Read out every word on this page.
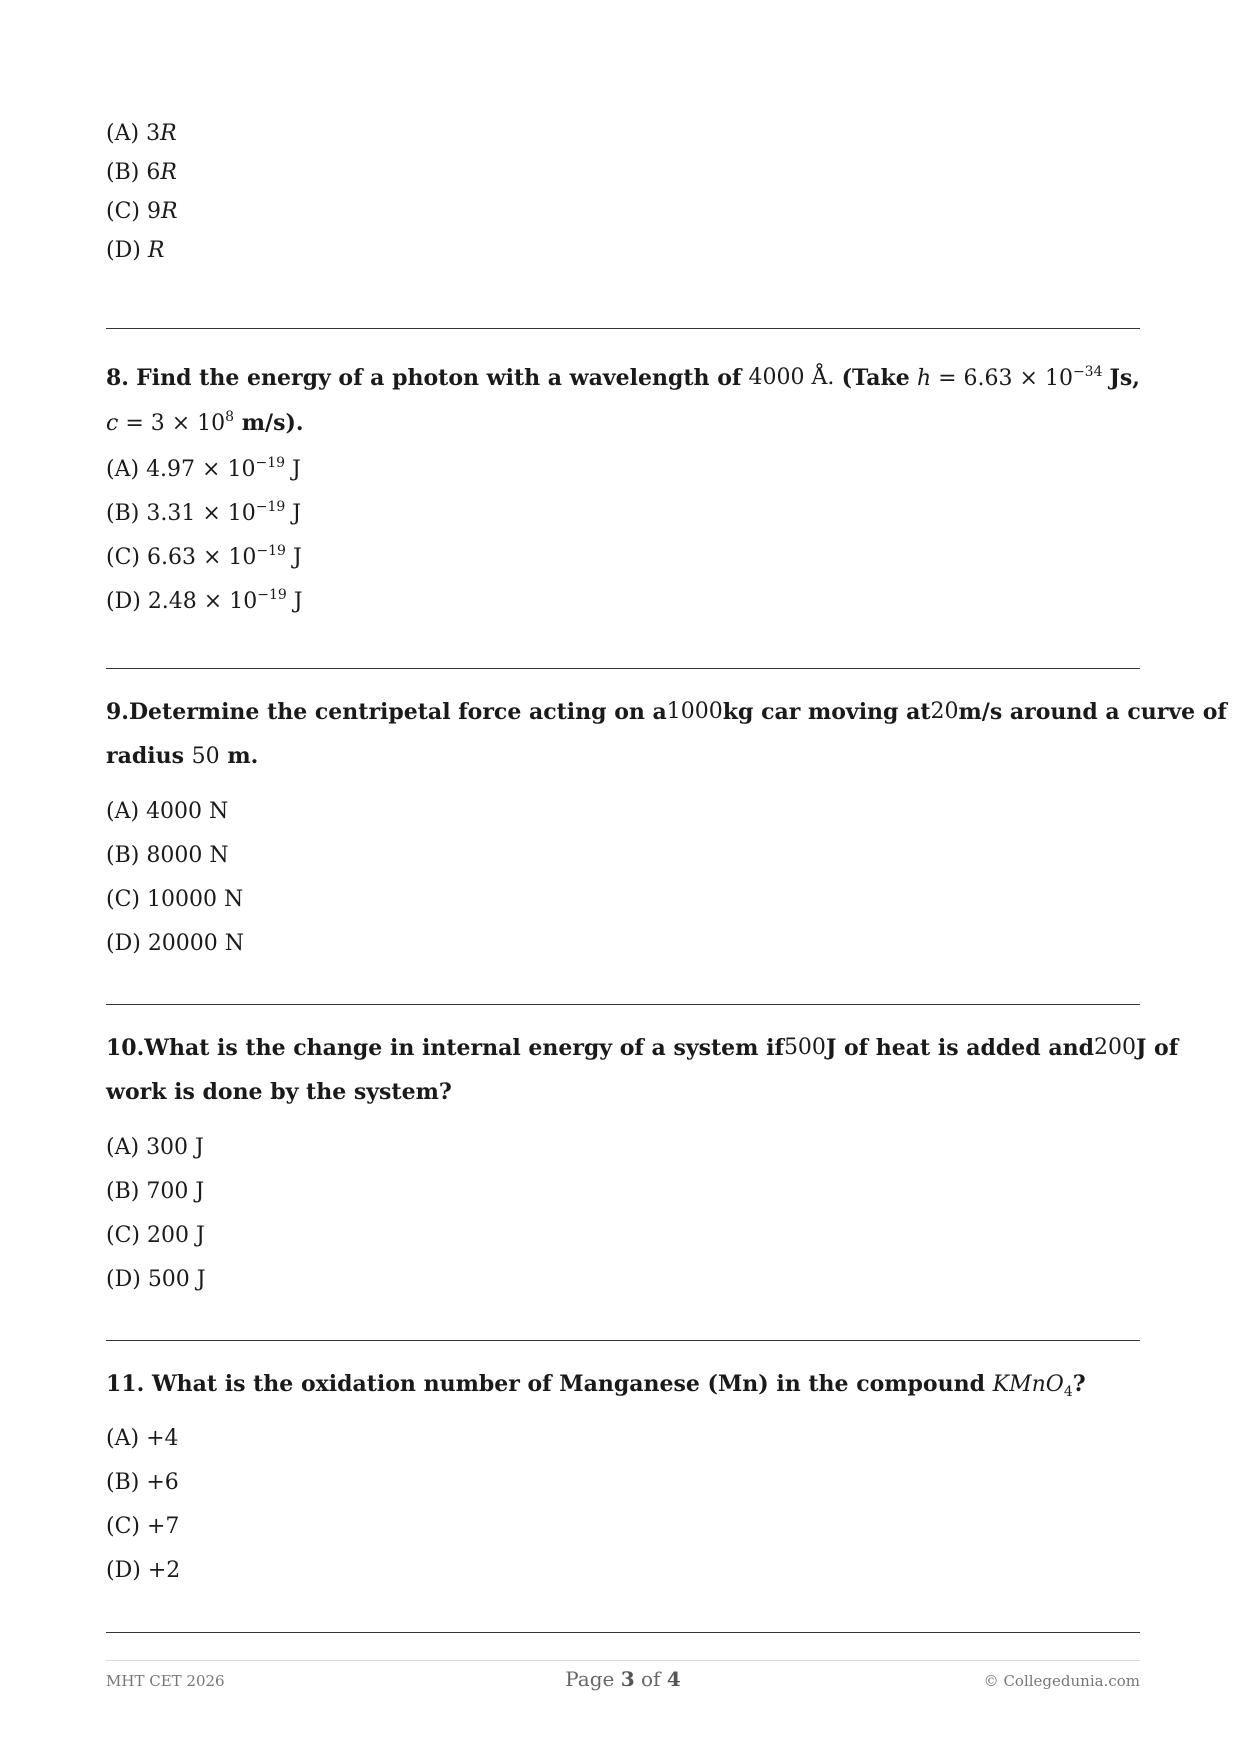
(A) 3R
(B) 6R
(C) 9R
(D) R
8. Find the energy of a photon with a wavelength of 4000 Å. (Take $h = 6.63 \times 10^{-34}$ Js,
$c = 3 \times 10^8$ m/s).
(A) $4.97 \times 10^{-19}$ J
(B) $3.31 \times 10^{-19}$ J
(C) $6.63 \times 10^{-19}$ J
(D) $2.48 \times 10^{-19}$ J
9. Determine the centripetal force acting on a 1000 kg car moving at 20 m/s around a curve of
radius 50 m.
(A) 4000 N
(B) 8000 N
(C) 10000 N
(D) 20000 N
10. What is the change in internal energy of a system if 500 J of heat is added and 200 J of
work is done by the system?
(A) 300 J
(B) 700 J
(C) 200 J
(D) 500 J
11. What is the oxidation number of Manganese (Mn) in the compound KMnO$_4$?
(A) +4
(B) +6
(C) +7
(D) +2
MHT CET 2026	Page 3 of 4	© Collegedunia.com
